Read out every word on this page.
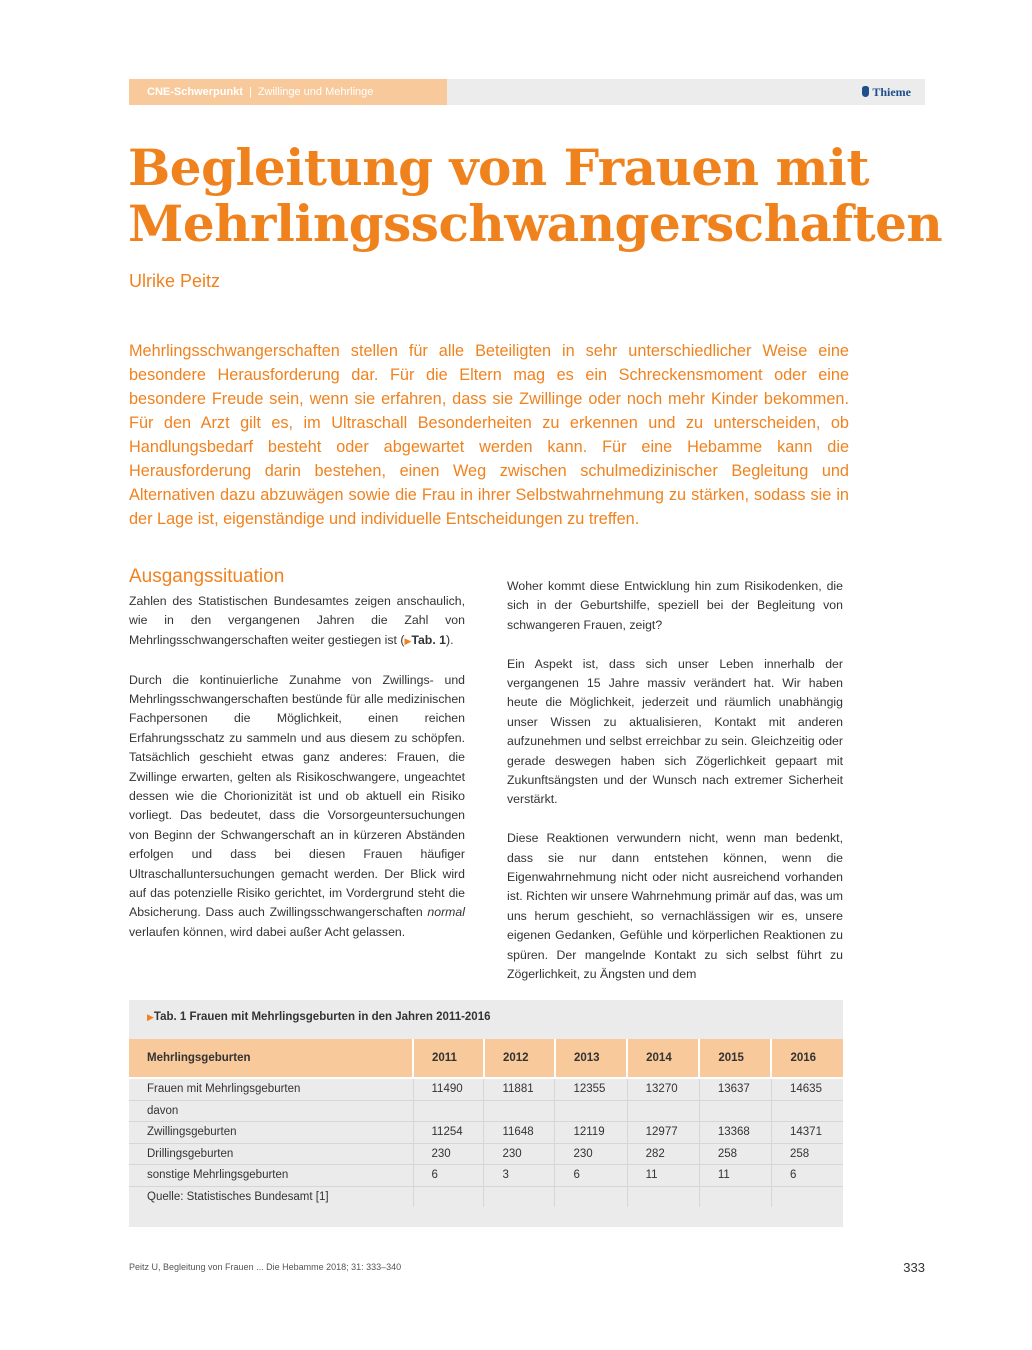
CNE-Schwerpunkt | Zwillinge und Mehrlinge	Thieme
Begleitung von Frauen mit
Mehrlingsschwangerschaften
Ulrike Peitz

Mehrlingsschwangerschaften stellen für alle Beteiligten in sehr unterschiedlicher Weise eine besondere Herausforderung dar. Für die Eltern mag es ein Schreckensmoment oder eine besondere Freude sein, wenn sie erfahren, dass sie Zwillinge oder noch mehr Kinder bekommen. Für den Arzt gilt es, im Ultraschall Besonderheiten zu erkennen und zu unterscheiden, ob Handlungsbedarf besteht oder abgewartet werden kann. Für eine Hebamme kann die Herausforderung darin bestehen, einen Weg zwischen schulmedizinischer Begleitung und Alternativen dazu abzuwägen sowie die Frau in ihrer Selbstwahrnehmung zu stärken, sodass sie in der Lage ist, eigenständige und individuelle Entscheidungen zu treffen.

Ausgangssituation

Zahlen des Statistischen Bundesamtes zeigen anschaulich, wie in den vergangenen Jahren die Zahl von Mehrlingsschwangerschaften weiter gestiegen ist (▶Tab. 1).

Durch die kontinuierliche Zunahme von Zwillings- und Mehrlingsschwangerschaften bestünde für alle medizinischen Fachpersonen die Möglichkeit, einen reichen Erfahrungsschatz zu sammeln und aus diesem zu schöpfen. Tatsächlich geschieht etwas ganz anderes: Frauen, die Zwillinge erwarten, gelten als Risikoschwangere, ungeachtet dessen wie die Chorionizität ist und ob aktuell ein Risiko vorliegt. Das bedeutet, dass die Vorsorgeuntersuchungen von Beginn der Schwangerschaft an in kürzeren Abständen erfolgen und dass bei diesen Frauen häufiger Ultraschalluntersuchungen gemacht werden. Der Blick wird auf das potenzielle Risiko gerichtet, im Vordergrund steht die Absicherung. Dass auch Zwillingsschwangerschaften normal verlaufen können, wird dabei außer Acht gelassen.

Woher kommt diese Entwicklung hin zum Risikodenken, die sich in der Geburtshilfe, speziell bei der Begleitung von schwangeren Frauen, zeigt?

Ein Aspekt ist, dass sich unser Leben innerhalb der vergangenen 15 Jahre massiv verändert hat. Wir haben heute die Möglichkeit, jederzeit und räumlich unabhängig unser Wissen zu aktualisieren, Kontakt mit anderen aufzunehmen und selbst erreichbar zu sein. Gleichzeitig oder gerade deswegen haben sich Zögerlichkeit gepaart mit Zukunftsängsten und der Wunsch nach extremer Sicherheit verstärkt.

Diese Reaktionen verwundern nicht, wenn man bedenkt, dass sie nur dann entstehen können, wenn die Eigenwahrnehmung nicht oder nicht ausreichend vorhanden ist. Richten wir unsere Wahrnehmung primär auf das, was um uns herum geschieht, so vernachlässigen wir es, unsere eigenen Gedanken, Gefühle und körperlichen Reaktionen zu spüren. Der mangelnde Kontakt zu sich selbst führt zu Zögerlichkeit, zu Ängsten und dem

▶Tab. 1 Frauen mit Mehrlingsgeburten in den Jahren 2011-2016
Mehrlingsgeburten	2011	2012	2013	2014	2015	2016

Frauen mit Mehrlingsgeburten	11490	11881	12355	13270	13637	14635
davon						
Zwillingsgeburten	11254	11648	12119	12977	13368	14371
Drillingsgeburten	230	230	230	282	258	258
sonstige Mehrlingsgeburten	6	3	6	11	11	6
Quelle: Statistisches Bundesamt [1]						
Peitz U, Begleitung von Frauen ... Die Hebamme 2018; 31: 333–340	333
